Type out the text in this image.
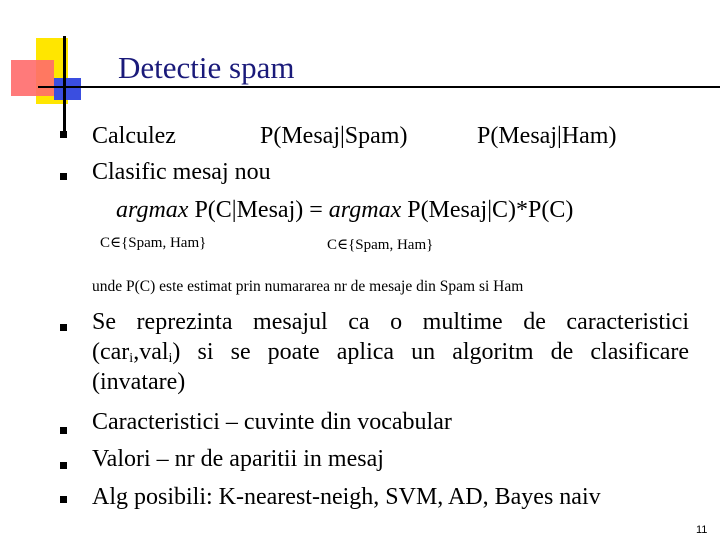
Detectie spam
Calculez	P(Mesaj|Spam)	P(Mesaj|Ham)
Clasific mesaj nou
argmax P(C|Mesaj) = argmax P(Mesaj|C)*P(C)
C∈{Spam, Ham}	C∈{Spam, Ham}
unde P(C) este estimat prin numararea nr de mesaje din Spam si Ham
Se reprezinta mesajul ca o multime de caracteristici
(car$_i$,val$_i$) si se poate aplica un algoritm de clasificare
(invatare)
Caracteristici – cuvinte din vocabular
Valori – nr de aparitii in mesaj
Alg posibili: K-nearest-neigh, SVM, AD, Bayes naiv
11
